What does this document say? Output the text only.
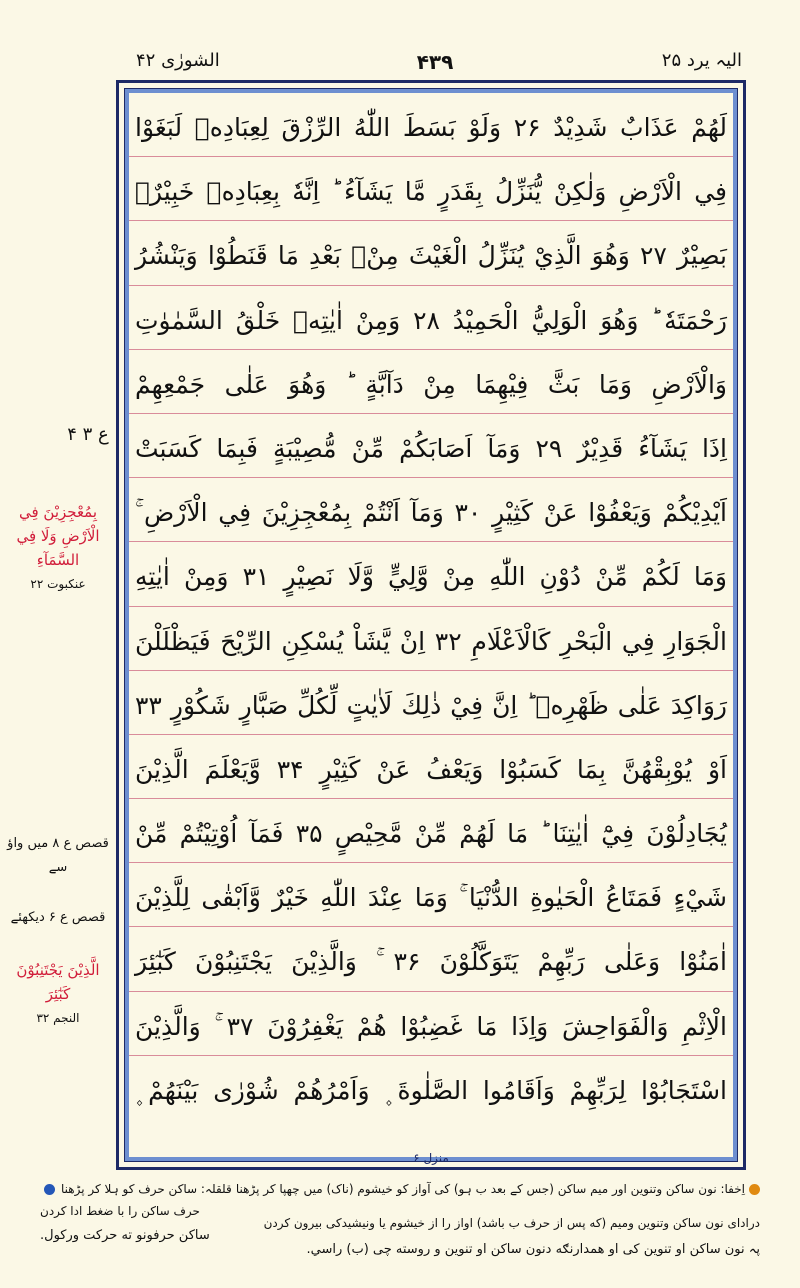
الشورٰی ۴۲	۴۳۹	الیہ یرد ۲۵
لَهُمْ عَذَابٌ شَدِيْدٌ ۲۶ وَلَوْ بَسَطَ اللّٰهُ الرِّزْقَ لِعِبَادِهٖ لَبَغَوْا
فِي الْاَرْضِ وَلٰكِنْ يُّنَزِّلُ بِقَدَرٍ مَّا يَشَآءُ ؕ اِنَّهٗ بِعِبَادِهٖ خَبِيْرٌۢ
بَصِيْرٌ ۲۷ وَهُوَ الَّذِيْ يُنَزِّلُ الْغَيْثَ مِنْۢ بَعْدِ مَا قَنَطُوْا وَيَنْشُرُ
رَحْمَتَهٗ ؕ وَهُوَ الْوَلِيُّ الْحَمِيْدُ ۲۸ وَمِنْ اٰيٰتِهٖ خَلْقُ السَّمٰوٰتِ
وَالْاَرْضِ وَمَا بَثَّ فِيْهِمَا مِنْ دَآبَّةٍ ؕ وَهُوَ عَلٰى جَمْعِهِمْ
اِذَا يَشَآءُ قَدِيْرٌ ۲۹ وَمَآ اَصَابَكُمْ مِّنْ مُّصِيْبَةٍ فَبِمَا كَسَبَتْ
اَيْدِيْكُمْ وَيَعْفُوْا عَنْ كَثِيْرٍ ۳۰ وَمَآ اَنْتُمْ بِمُعْجِزِيْنَ فِي الْاَرْضِ ۚ
وَمَا لَكُمْ مِّنْ دُوْنِ اللّٰهِ مِنْ وَّلِيٍّ وَّلَا نَصِيْرٍ ۳۱ وَمِنْ اٰيٰتِهِ
الْجَوَارِ فِي الْبَحْرِ كَالْاَعْلَامِ ۳۲ اِنْ يَّشَاْ يُسْكِنِ الرِّيْحَ فَيَظْلَلْنَ
رَوَاكِدَ عَلٰى ظَهْرِهٖ ؕ اِنَّ فِيْ ذٰلِكَ لَاٰيٰتٍ لِّكُلِّ صَبَّارٍ شَكُوْرٍ ۳۳
اَوْ يُوْبِقْهُنَّ بِمَا كَسَبُوْا وَيَعْفُ عَنْ كَثِيْرٍ ۳۴ وَّيَعْلَمَ الَّذِيْنَ
يُجَادِلُوْنَ فِيْٓ اٰيٰتِنَا ؕ مَا لَهُمْ مِّنْ مَّحِيْصٍ ۳۵ فَمَآ اُوْتِيْتُمْ مِّنْ
شَيْءٍ فَمَتَاعُ الْحَيٰوةِ الدُّنْيَا ۚ وَمَا عِنْدَ اللّٰهِ خَيْرٌ وَّاَبْقٰى لِلَّذِيْنَ
اٰمَنُوْا وَعَلٰى رَبِّهِمْ يَتَوَكَّلُوْنَ ۳۶ ۚ وَالَّذِيْنَ يَجْتَنِبُوْنَ كَبٰٓئِرَ
الْاِثْمِ وَالْفَوَاحِشَ وَاِذَا مَا غَضِبُوْا هُمْ يَغْفِرُوْنَ ۳۷ ۚ وَالَّذِيْنَ
اسْتَجَابُوْا لِرَبِّهِمْ وَاَقَامُوا الصَّلٰوةَ ۪ وَاَمْرُهُمْ شُوْرٰى بَيْنَهُمْ ۪
منزل ۶
ع ۳ ۴
بِمُعْجِزِيْنَ فِي الْاَرْضِ وَلَا فِي السَّمَآءِ
عنکبوت ۲۲
قصص ع ۸ میں واؤ سے
قصص ع ۶ دیکھئے
الَّذِيْنَ يَجْتَنِبُوْنَ كَبٰٓئِرَ
النجم ۳۲
اِخفا: نون ساکن وتنوین اور میم ساکن (جس کے بعد ب ہو) کی آواز کو خیشوم (ناک) میں چھپا کر پڑھنا
دراداى نون ساكن وتنوين وميم (كه پس از حرف ب باشد) اواز را از خيشوم يا ونيشيدكى بيرون كردن
پہ نون ساکن او تنوین کی او همدارنګه دنون ساکن او تنوین و روسته چی (ب) راسي.
قلقلہ: ساکن حرف کو ہلا کر پڑھنا
حرف ساكن را با ضغط ادا كردن
ساکن حرفونو ته حرکت ورکول.
